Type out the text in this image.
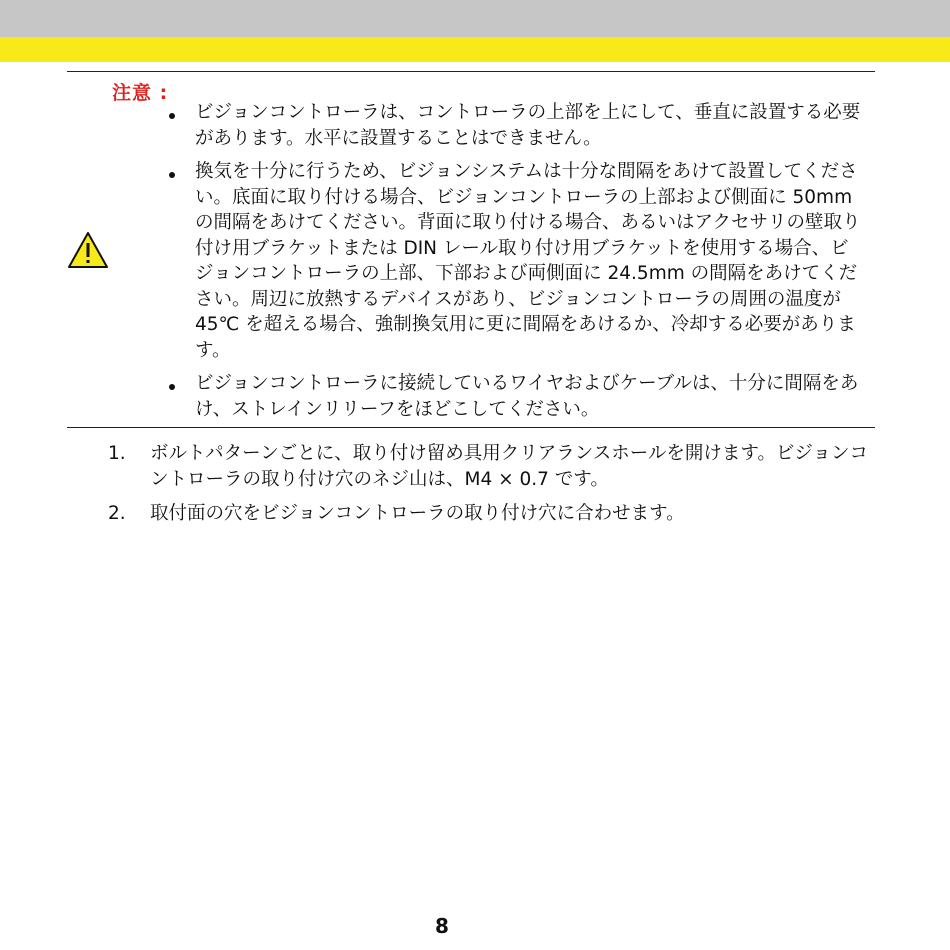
注意 :
ビジョンコントローラは、コントローラの上部を上にして、垂直に設置する必要があります。水平に設置することはできません。
換気を十分に行うため、ビジョンシステムは十分な間隔をあけて設置してください。底面に取り付ける場合、ビジョンコントローラの上部および側面に 50mm の間隔をあけてください。背面に取り付ける場合、あるいはアクセサリの壁取り付け用ブラケットまたは DIN レール取り付け用ブラケットを使用する場合、ビジョンコントローラの上部、下部および両側面に 24.5mm の間隔をあけてください。周辺に放熱するデバイスがあり、ビジョンコントローラの周囲の温度が 45℃ を超える場合、強制換気用に更に間隔をあけるか、冷却する必要があります。
ビジョンコントローラに接続しているワイヤおよびケーブルは、十分に間隔をあけ、ストレインリリーフをほどこしてください。
1. ボルトパターンごとに、取り付け留め具用クリアランスホールを開けます。ビジョンコントローラの取り付け穴のネジ山は、M4 × 0.7 です。
2. 取付面の穴をビジョンコントローラの取り付け穴に合わせます。
8
